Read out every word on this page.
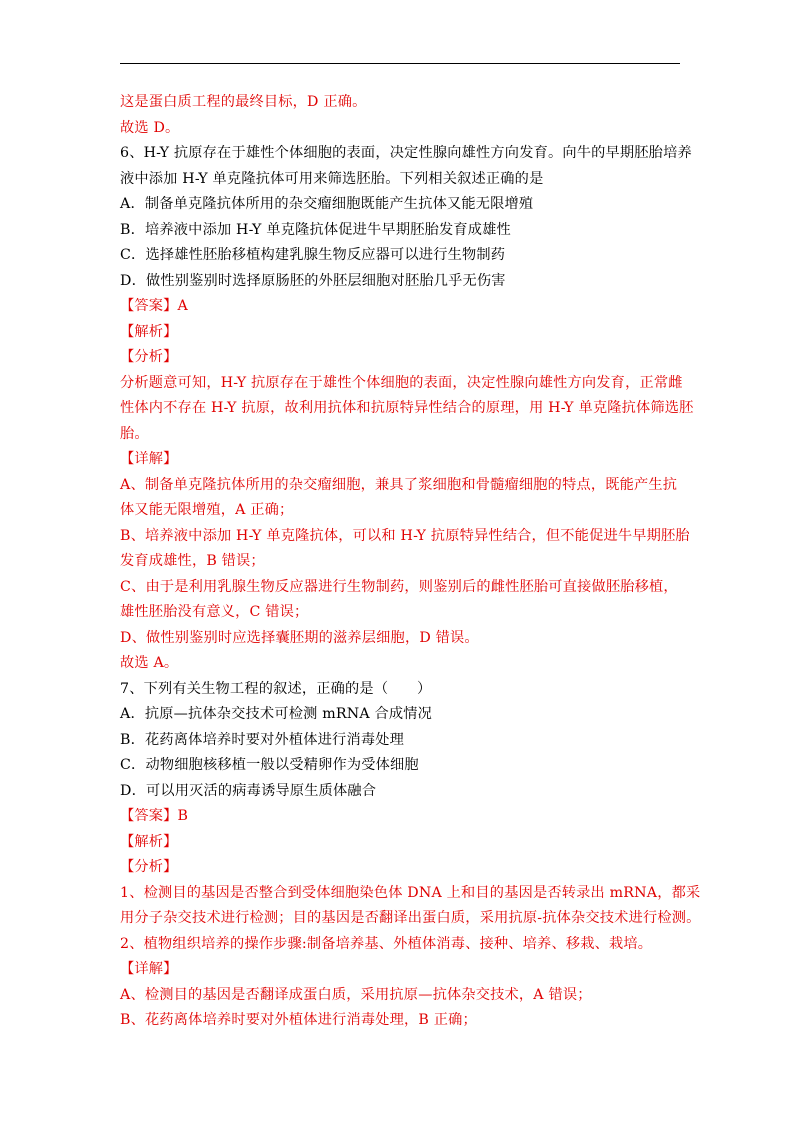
这是蛋白质工程的最终目标，D 正确。
故选 D。
6、H-Y 抗原存在于雄性个体细胞的表面，决定性腺向雄性方向发育。向牛的早期胚胎培养
液中添加 H-Y 单克隆抗体可用来筛选胚胎。下列相关叙述正确的是
A．制备单克隆抗体所用的杂交瘤细胞既能产生抗体又能无限增殖
B．培养液中添加 H-Y 单克隆抗体促进牛早期胚胎发育成雄性
C．选择雄性胚胎移植构建乳腺生物反应器可以进行生物制药
D．做性别鉴别时选择原肠胚的外胚层细胞对胚胎几乎无伤害
【答案】A
【解析】
【分析】
分析题意可知，H-Y 抗原存在于雄性个体细胞的表面，决定性腺向雄性方向发育，正常雌
性体内不存在 H-Y 抗原，故利用抗体和抗原特异性结合的原理，用 H-Y 单克隆抗体筛选胚
胎。
【详解】
A、制备单克隆抗体所用的杂交瘤细胞，兼具了浆细胞和骨髓瘤细胞的特点，既能产生抗
体又能无限增殖，A 正确；
B、培养液中添加 H-Y 单克隆抗体，可以和 H-Y 抗原特异性结合，但不能促进牛早期胚胎
发育成雄性，B 错误；
C、由于是利用乳腺生物反应器进行生物制药，则鉴别后的雌性胚胎可直接做胚胎移植，
雄性胚胎没有意义，C 错误；
D、做性别鉴别时应选择囊胚期的滋养层细胞，D 错误。
故选 A。
7、下列有关生物工程的叙述，正确的是（　　）
A．抗原—抗体杂交技术可检测 mRNA 合成情况
B．花药离体培养时要对外植体进行消毒处理
C．动物细胞核移植一般以受精卵作为受体细胞
D．可以用灭活的病毒诱导原生质体融合
【答案】B
【解析】
【分析】
1、检测目的基因是否整合到受体细胞染色体 DNA 上和目的基因是否转录出 mRNA，都采
用分子杂交技术进行检测；目的基因是否翻译出蛋白质，采用抗原-抗体杂交技术进行检测。
2、植物组织培养的操作步骤:制备培养基、外植体消毒、接种、培养、移栽、栽培。
【详解】
A、检测目的基因是否翻译成蛋白质，采用抗原—抗体杂交技术，A 错误；
B、花药离体培养时要对外植体进行消毒处理，B 正确；
